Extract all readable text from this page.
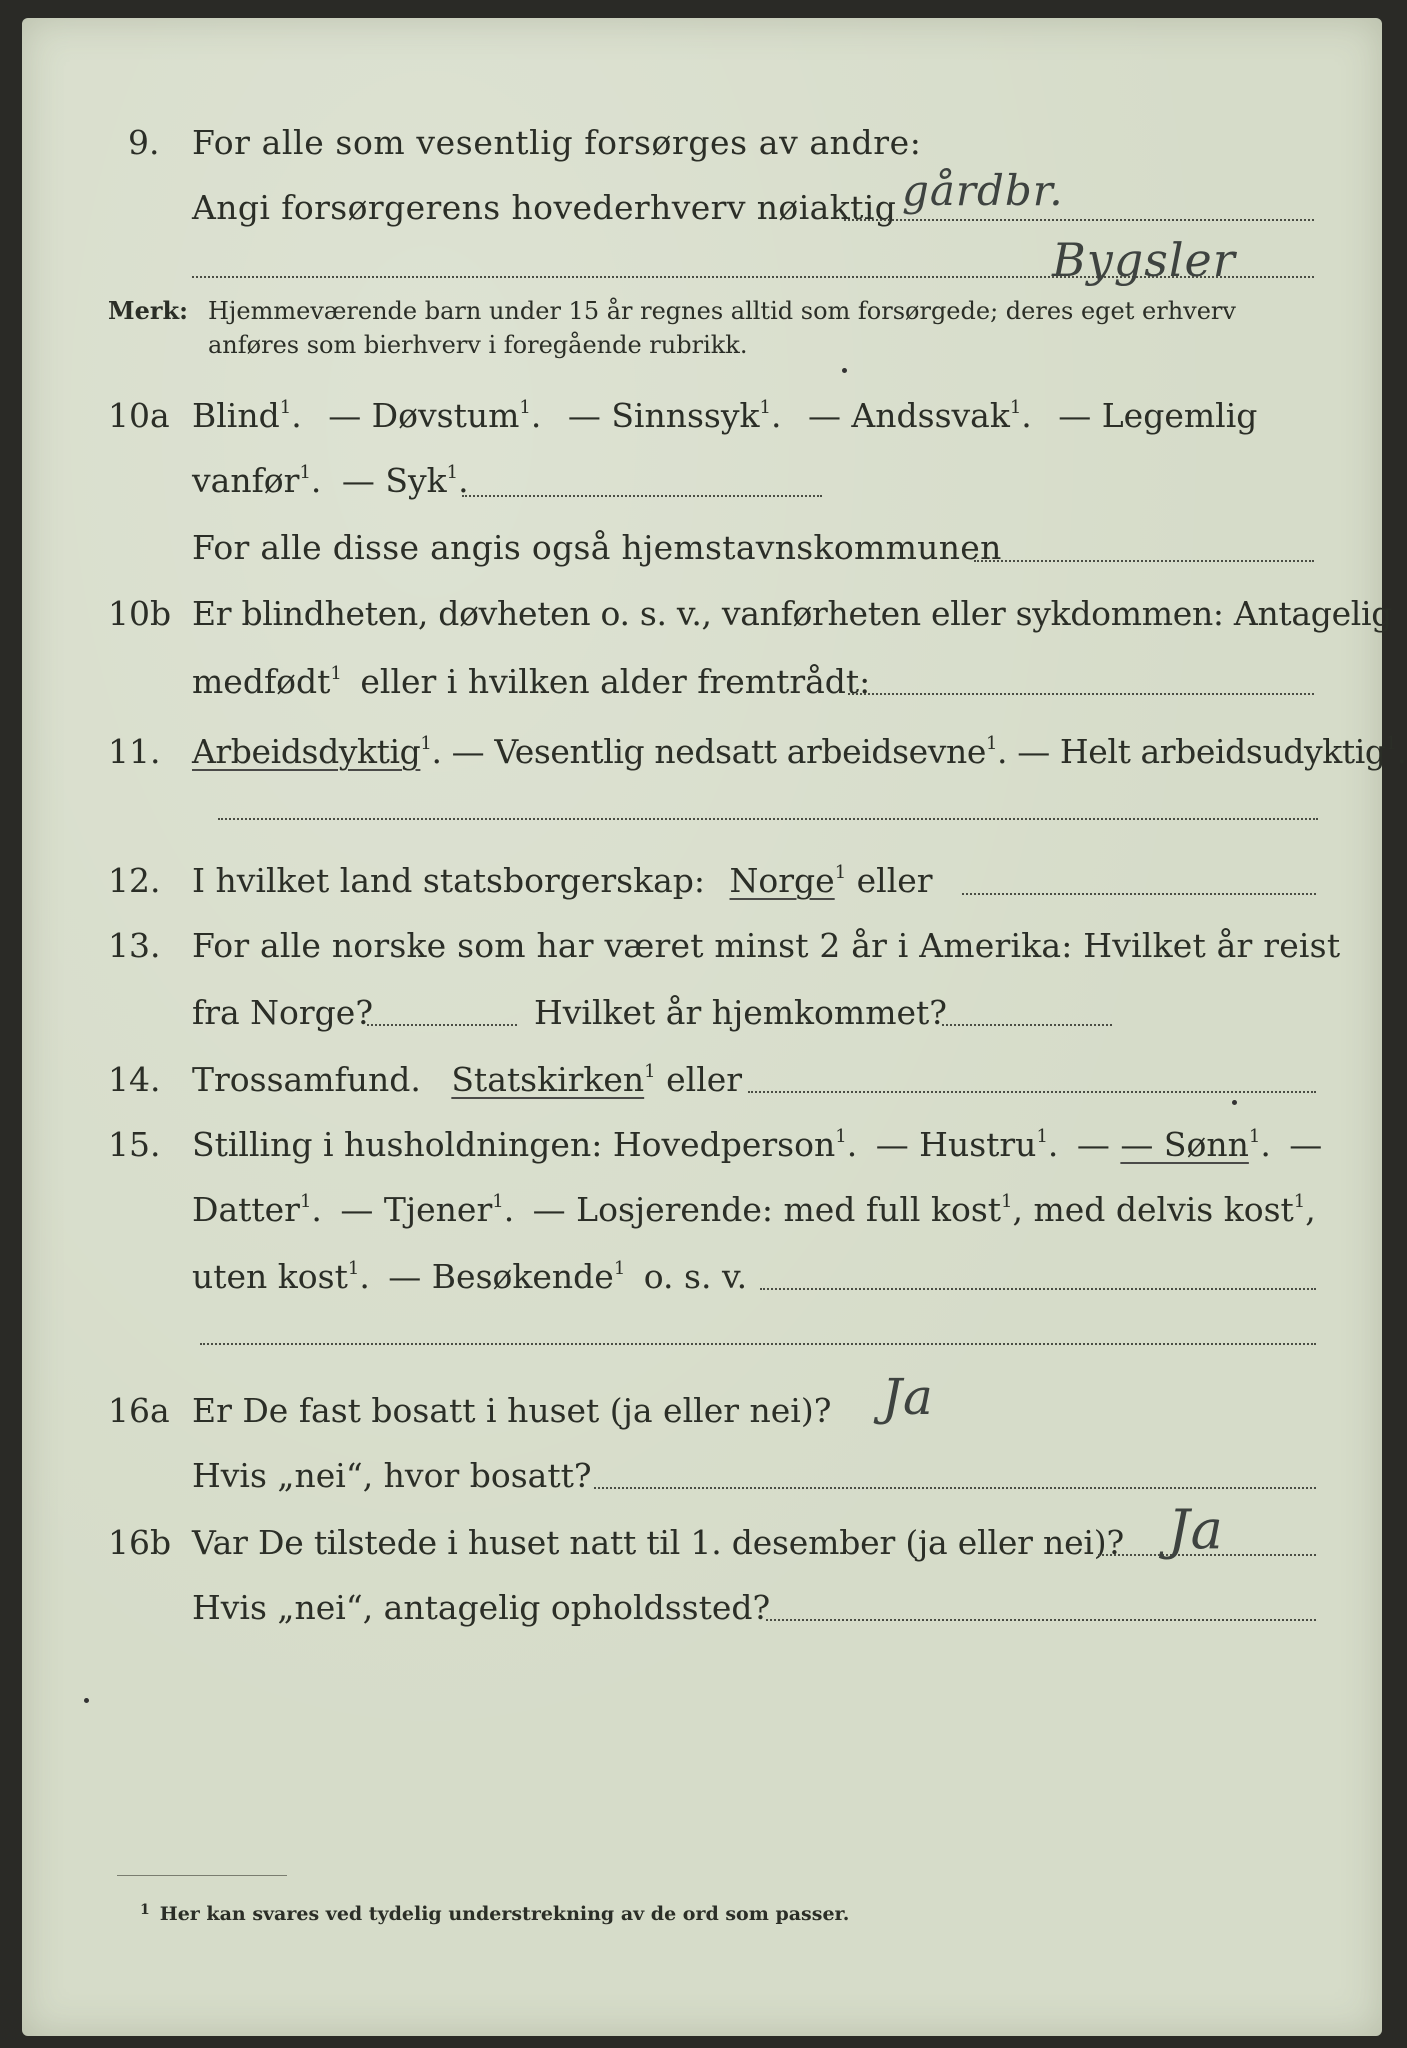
9. For alle som vesentlig forsørges av andre:
Angi forsørgerens hovederhverv nøiaktig gårdbr.
Bygsler
Merk: Hjemmeværende barn under 15 år regnes alltid som forsørgede; deres eget erhverv
anføres som bierhverv i foregående rubrikk.
10a Blind$^1$. — Døvstum$^1$. — Sinnssyk$^1$. — Andssvak$^1$. — Legemlig
vanfør$^1$. — Syk$^1$.
For alle disse angis også hjemstavnskommunen
10b Er blindheten, døvheten o. s. v., vanførheten eller sykdommen: Antagelig
medfødt$^1$ eller i hvilken alder fremtrådt:
11. Arbeidsdyktig$^1$. — Vesentlig nedsatt arbeidsevne$^1$. — Helt arbeidsudyktig$^1$.
12. I hvilket land statsborgerskap: Norge$^1$ eller
13. For alle norske som har været minst 2 år i Amerika: Hvilket år reist
fra Norge?	Hvilket år hjemkommet?
14. Trossamfund. Statskirken$^1$ eller
15. Stilling i husholdningen: Hovedperson$^1$. — Hustru$^1$. — — Sønn$^1$. —
Datter$^1$. — Tjener$^1$. — Losjerende: med full kost$^1$, med delvis kost$^1$,
uten kost$^1$. — Besøkende$^1$ o. s. v.
16a Er De fast bosatt i huset (ja eller nei)? Ja
Hvis „nei“, hvor bosatt?
16b Var De tilstede i huset natt til 1. desember (ja eller nei)? Ja
Hvis „nei“, antagelig opholdssted?
$^1$ Her kan svares ved tydelig understrekning av de ord som passer.
